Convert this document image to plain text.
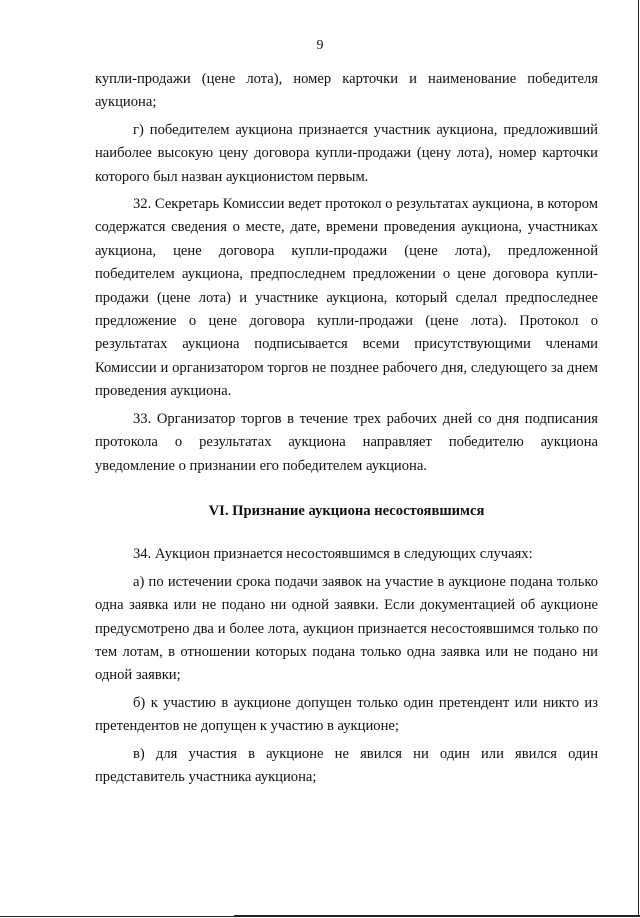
9

купли-продажи (цене лота), номер карточки и наименование победителя аукциона;

г) победителем аукциона признается участник аукциона, предложивший наиболее высокую цену договора купли-продажи (цену лота), номер карточки которого был назван аукционистом первым.

32. Секретарь Комиссии ведет протокол о результатах аукциона, в котором содержатся сведения о месте, дате, времени проведения аукциона, участниках аукциона, цене договора купли-продажи (цене лота), предложенной победителем аукциона, предпоследнем предложении о цене договора купли-продажи (цене лота) и участнике аукциона, который сделал предпоследнее предложение о цене договора купли-продажи (цене лота). Протокол о результатах аукциона подписывается всеми присутствующими членами Комиссии и организатором торгов не позднее рабочего дня, следующего за днем проведения аукциона.

33. Организатор торгов в течение трех рабочих дней со дня подписания протокола о результатах аукциона направляет победителю аукциона уведомление о признании его победителем аукциона.

VI. Признание аукциона несостоявшимся

34. Аукцион признается несостоявшимся в следующих случаях:

а) по истечении срока подачи заявок на участие в аукционе подана только одна заявка или не подано ни одной заявки. Если документацией об аукционе предусмотрено два и более лота, аукцион признается несостоявшимся только по тем лотам, в отношении которых подана только одна заявка или не подано ни одной заявки;

б) к участию в аукционе допущен только один претендент или никто из претендентов не допущен к участию в аукционе;

в) для участия в аукционе не явился ни один или явился один представитель участника аукциона;
